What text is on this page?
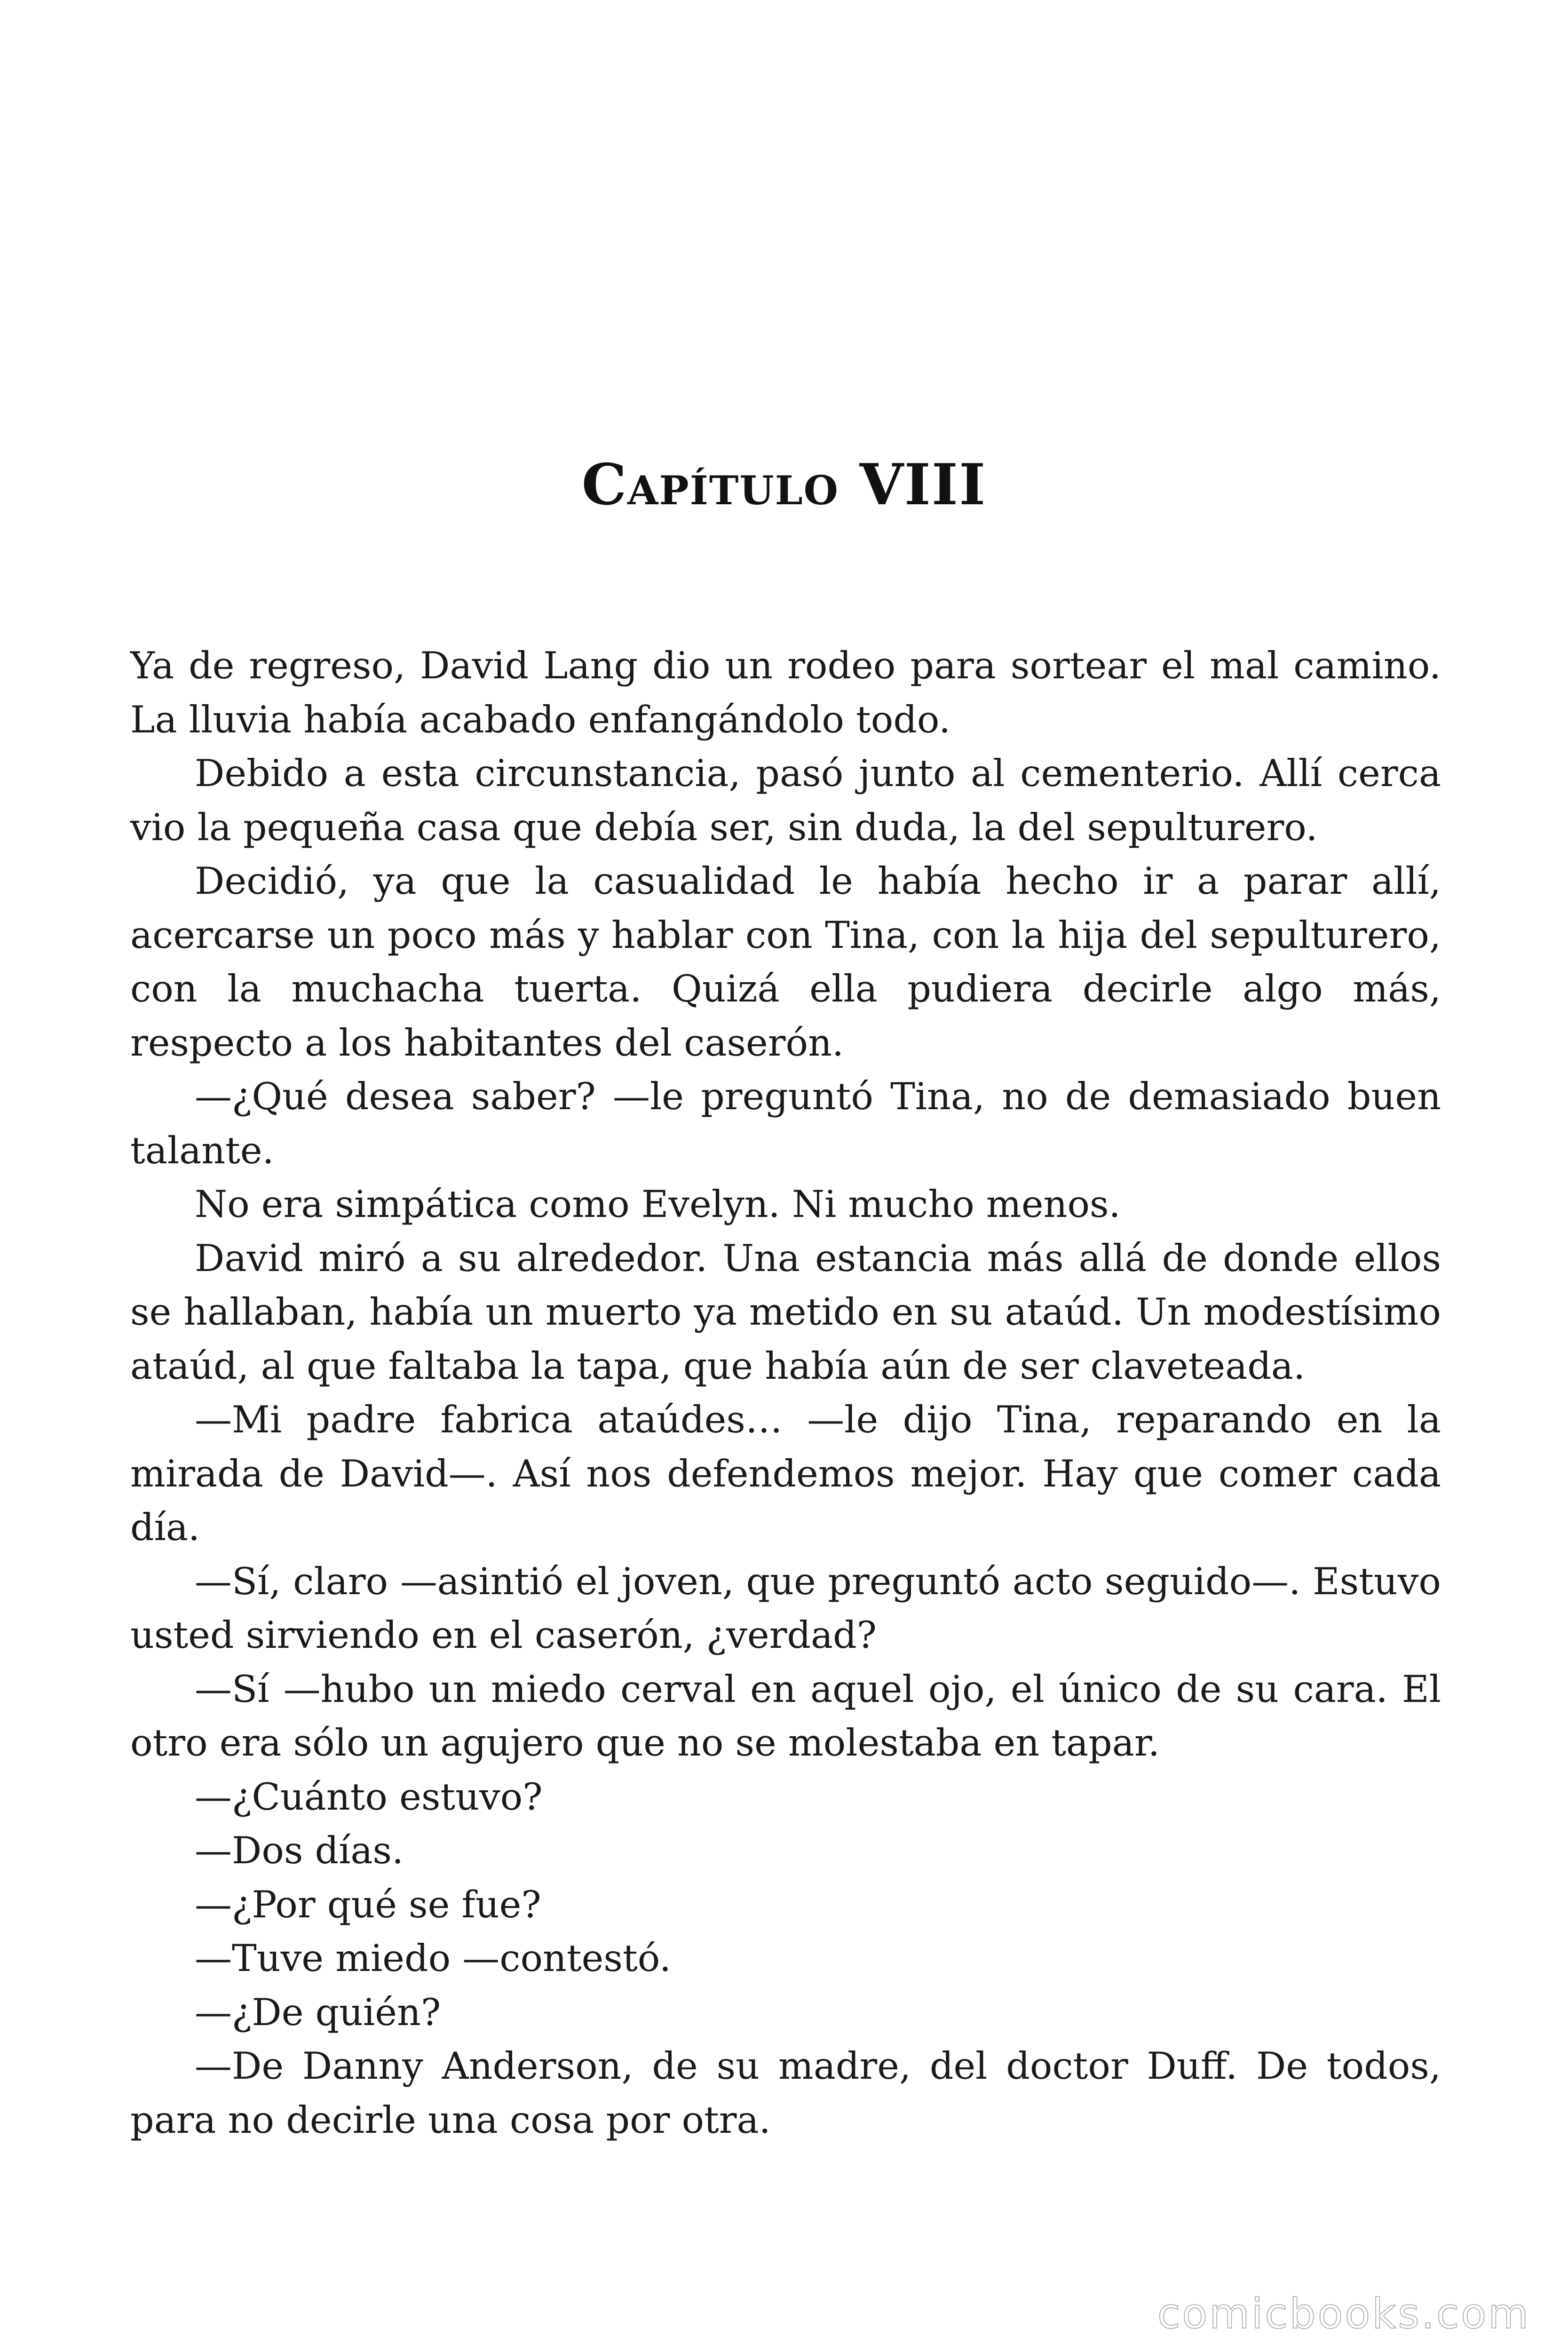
Capítulo VIII

Ya de regreso, David Lang dio un rodeo para sortear el mal camino. La lluvia había acabado enfangándolo todo.

Debido a esta circunstancia, pasó junto al cementerio. Allí cerca vio la pequeña casa que debía ser, sin duda, la del sepulturero.

Decidió, ya que la casualidad le había hecho ir a parar allí, acercarse un poco más y hablar con Tina, con la hija del sepulturero, con la muchacha tuerta. Quizá ella pudiera decirle algo más, respecto a los habitantes del caserón.

—¿Qué desea saber? —le preguntó Tina, no de demasiado buen talante.

No era simpática como Evelyn. Ni mucho menos.

David miró a su alrededor. Una estancia más allá de donde ellos se hallaban, había un muerto ya metido en su ataúd. Un modestísimo ataúd, al que faltaba la tapa, que había aún de ser claveteada.

—Mi padre fabrica ataúdes… —le dijo Tina, reparando en la mirada de David—. Así nos defendemos mejor. Hay que comer cada día.

—Sí, claro —asintió el joven, que preguntó acto seguido—. Estuvo usted sirviendo en el caserón, ¿verdad?

—Sí —hubo un miedo cerval en aquel ojo, el único de su cara. El otro era sólo un agujero que no se molestaba en tapar.

—¿Cuánto estuvo?

—Dos días.

—¿Por qué se fue?

—Tuve miedo —contestó.

—¿De quién?

—De Danny Anderson, de su madre, del doctor Duff. De todos, para no decirle una cosa por otra.

comicbooks.com
